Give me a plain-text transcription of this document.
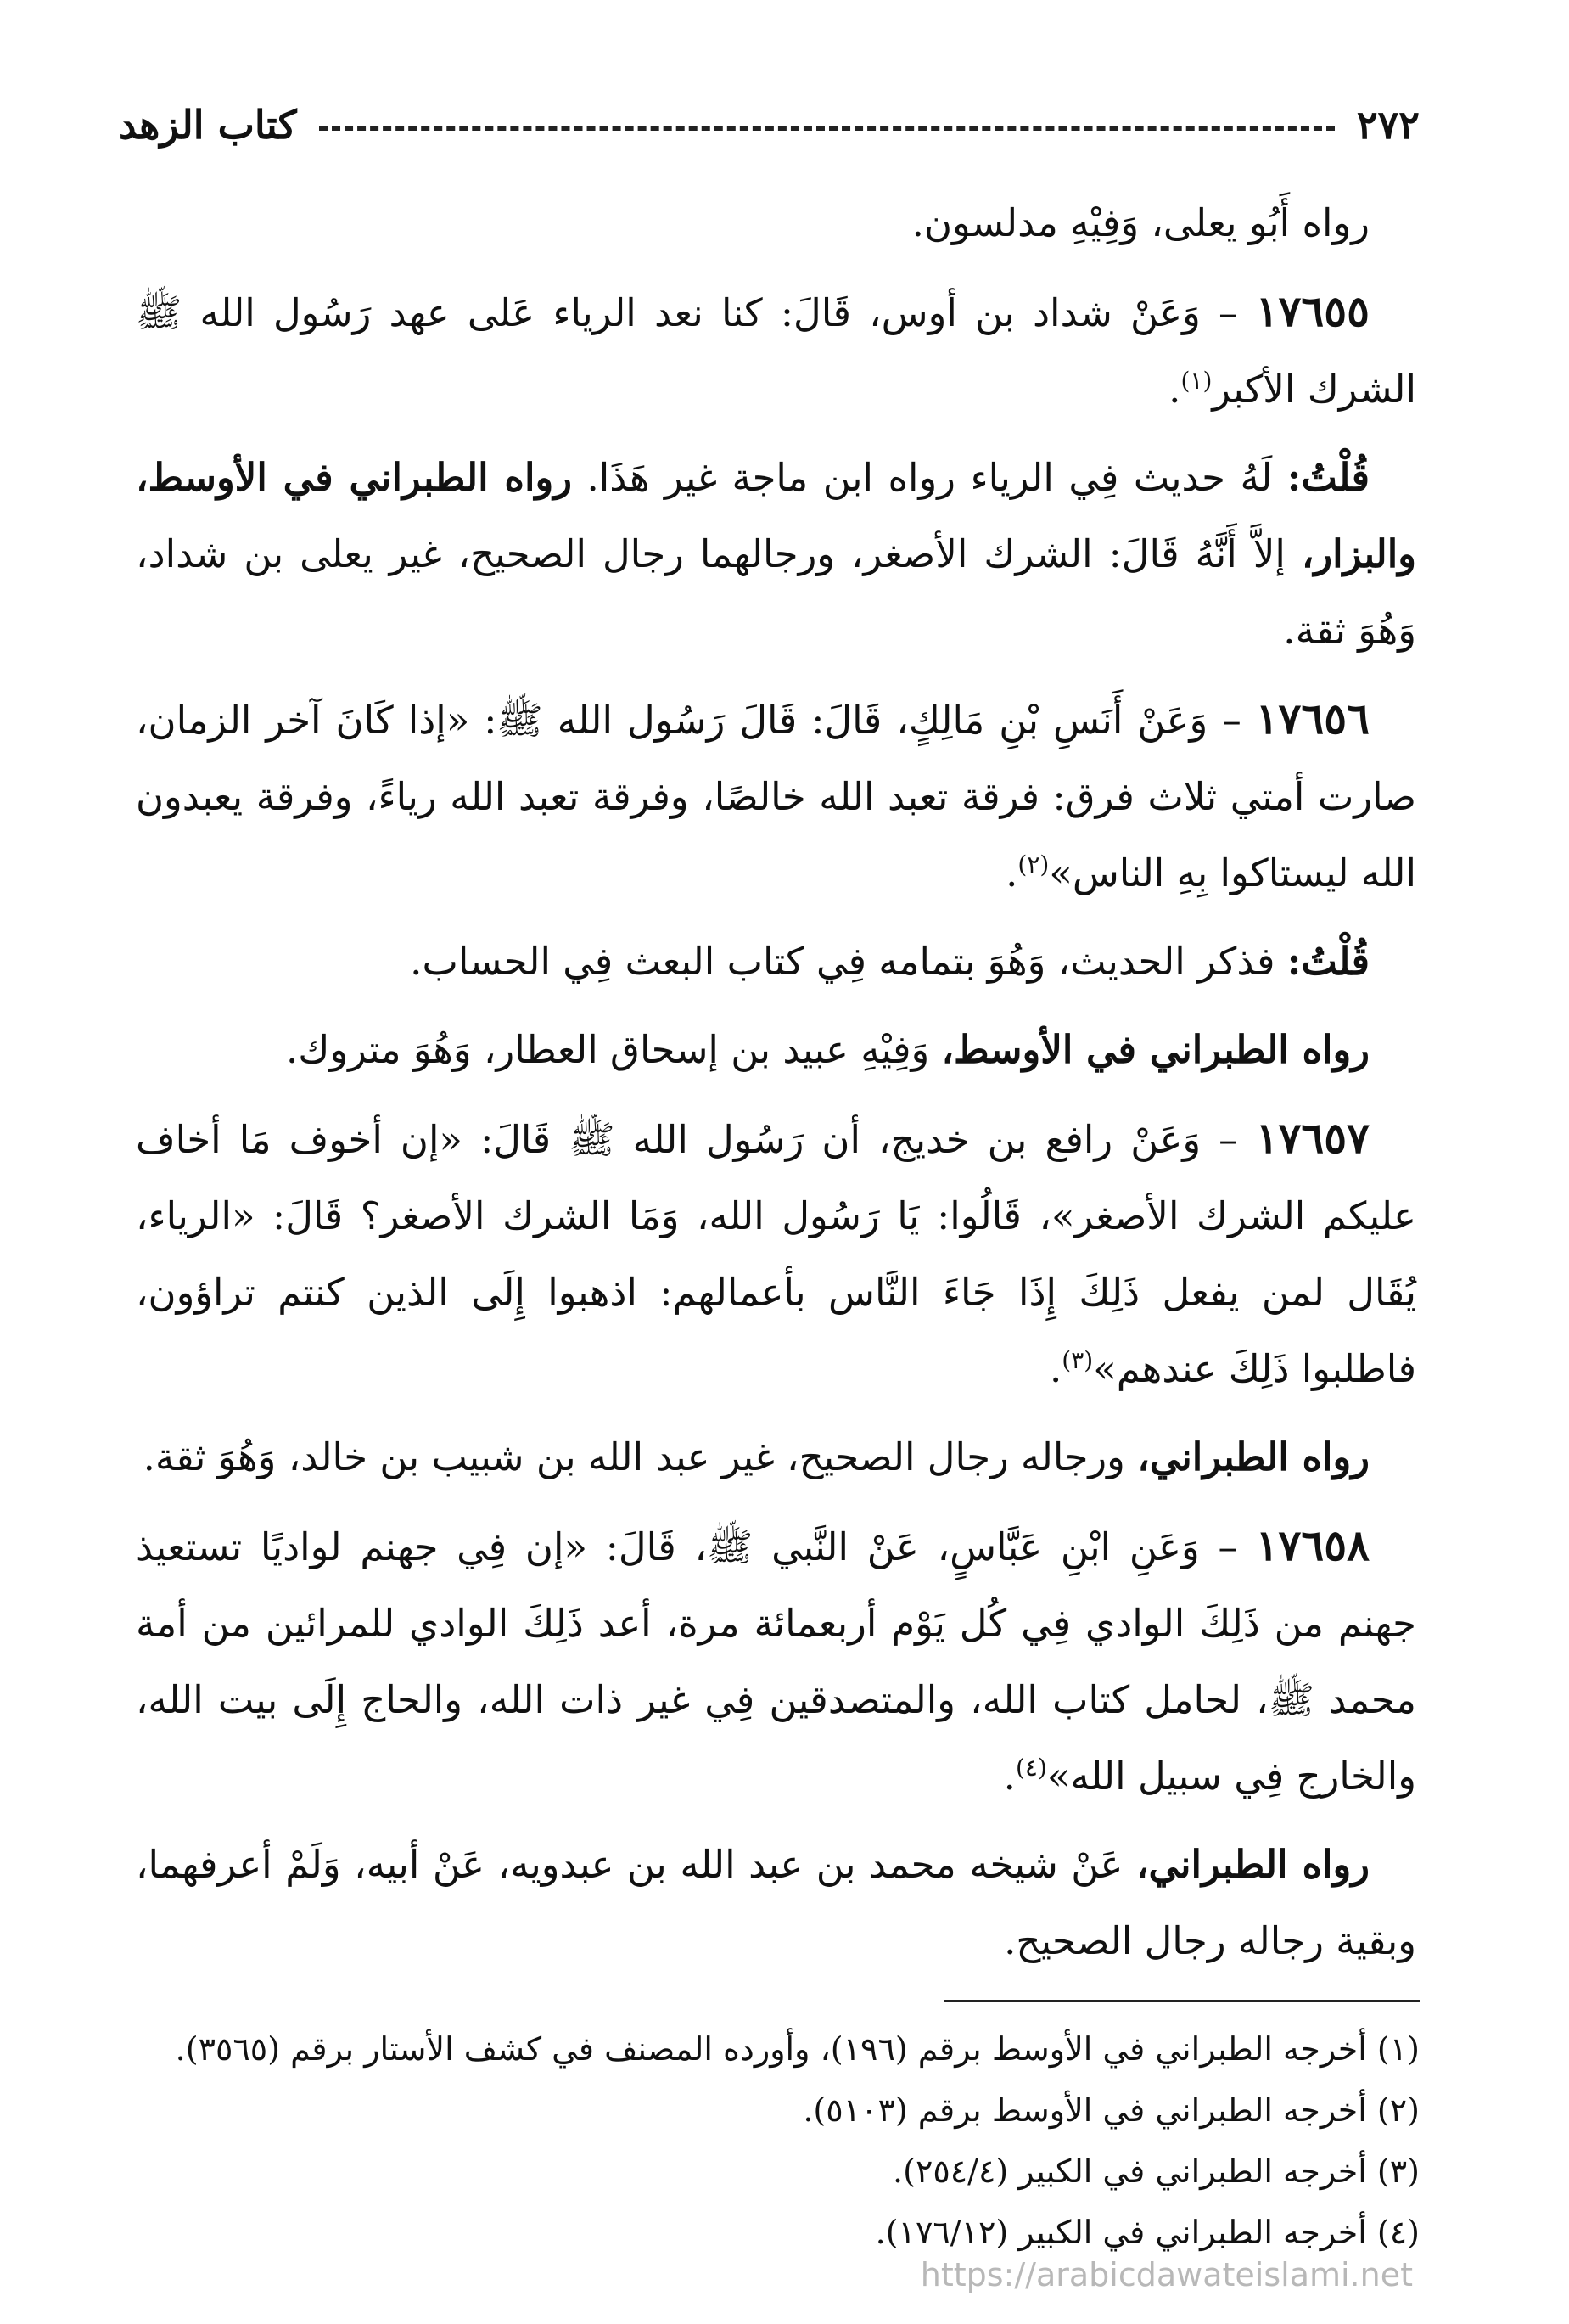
٢٧٢
كتاب الزهد

رواه أَبُو يعلى، وَفِيْهِ مدلسون.

١٧٦٥٥ – وَعَنْ شداد بن أوس، قَالَ: كنا نعد الرياء عَلى عهد رَسُول الله ﷺ الشرك الأكبر$^{(١)}$.

قُلْتُ: لَهُ حديث فِي الرياء رواه ابن ماجة غير هَذَا. رواه الطبراني في الأوسط، والبزار، إلاَّ أَنَّهُ قَالَ: الشرك الأصغر، ورجالهما رجال الصحيح، غير يعلى بن شداد، وَهُوَ ثقة.

١٧٦٥٦ – وَعَنْ أَنَسِ بْنِ مَالِكٍ، قَالَ: قَالَ رَسُول الله ﷺ: «إذا كَانَ آخر الزمان، صارت أمتي ثلاث فرق: فرقة تعبد الله خالصًا، وفرقة تعبد الله رياءً، وفرقة يعبدون الله ليستاكوا بِهِ الناس»$^{(٢)}$.

قُلْتُ: فذكر الحديث، وَهُوَ بتمامه فِي كتاب البعث فِي الحساب.

رواه الطبراني في الأوسط، وَفِيْهِ عبيد بن إسحاق العطار، وَهُوَ متروك.

١٧٦٥٧ – وَعَنْ رافع بن خديج، أن رَسُول الله ﷺ قَالَ: «إن أخوف مَا أخاف عليكم الشرك الأصغر»، قَالُوا: يَا رَسُول الله، وَمَا الشرك الأصغر؟ قَالَ: «الرياء، يُقَال لمن يفعل ذَلِكَ إِذَا جَاءَ النَّاس بأعمالهم: اذهبوا إِلَى الذين كنتم تراؤون، فاطلبوا ذَلِكَ عندهم»$^{(٣)}$.

رواه الطبراني، ورجاله رجال الصحيح، غير عبد الله بن شبيب بن خالد، وَهُوَ ثقة.

١٧٦٥٨ – وَعَنِ ابْنِ عَبَّاسٍ، عَنْ النَّبي ﷺ، قَالَ: «إن فِي جهنم لواديًا تستعيذ جهنم من ذَلِكَ الوادي فِي كُل يَوْم أربعمائة مرة، أعد ذَلِكَ الوادي للمرائين من أمة محمد ﷺ، لحامل كتاب الله، والمتصدقين فِي غير ذات الله، والحاج إِلَى بيت الله، والخارج فِي سبيل الله»$^{(٤)}$.

رواه الطبراني، عَنْ شيخه محمد بن عبد الله بن عبدويه، عَنْ أبيه، وَلَمْ أعرفهما، وبقية رجاله رجال الصحيح.

(١) أخرجه الطبراني في الأوسط برقم (١٩٦)، وأورده المصنف في كشف الأستار برقم (٣٥٦٥).
(٢) أخرجه الطبراني في الأوسط برقم (٥١٠٣).
(٣) أخرجه الطبراني في الكبير (٢٥٤/٤).
(٤) أخرجه الطبراني في الكبير (١٧٦/١٢).
https://arabicdawateislami.net
